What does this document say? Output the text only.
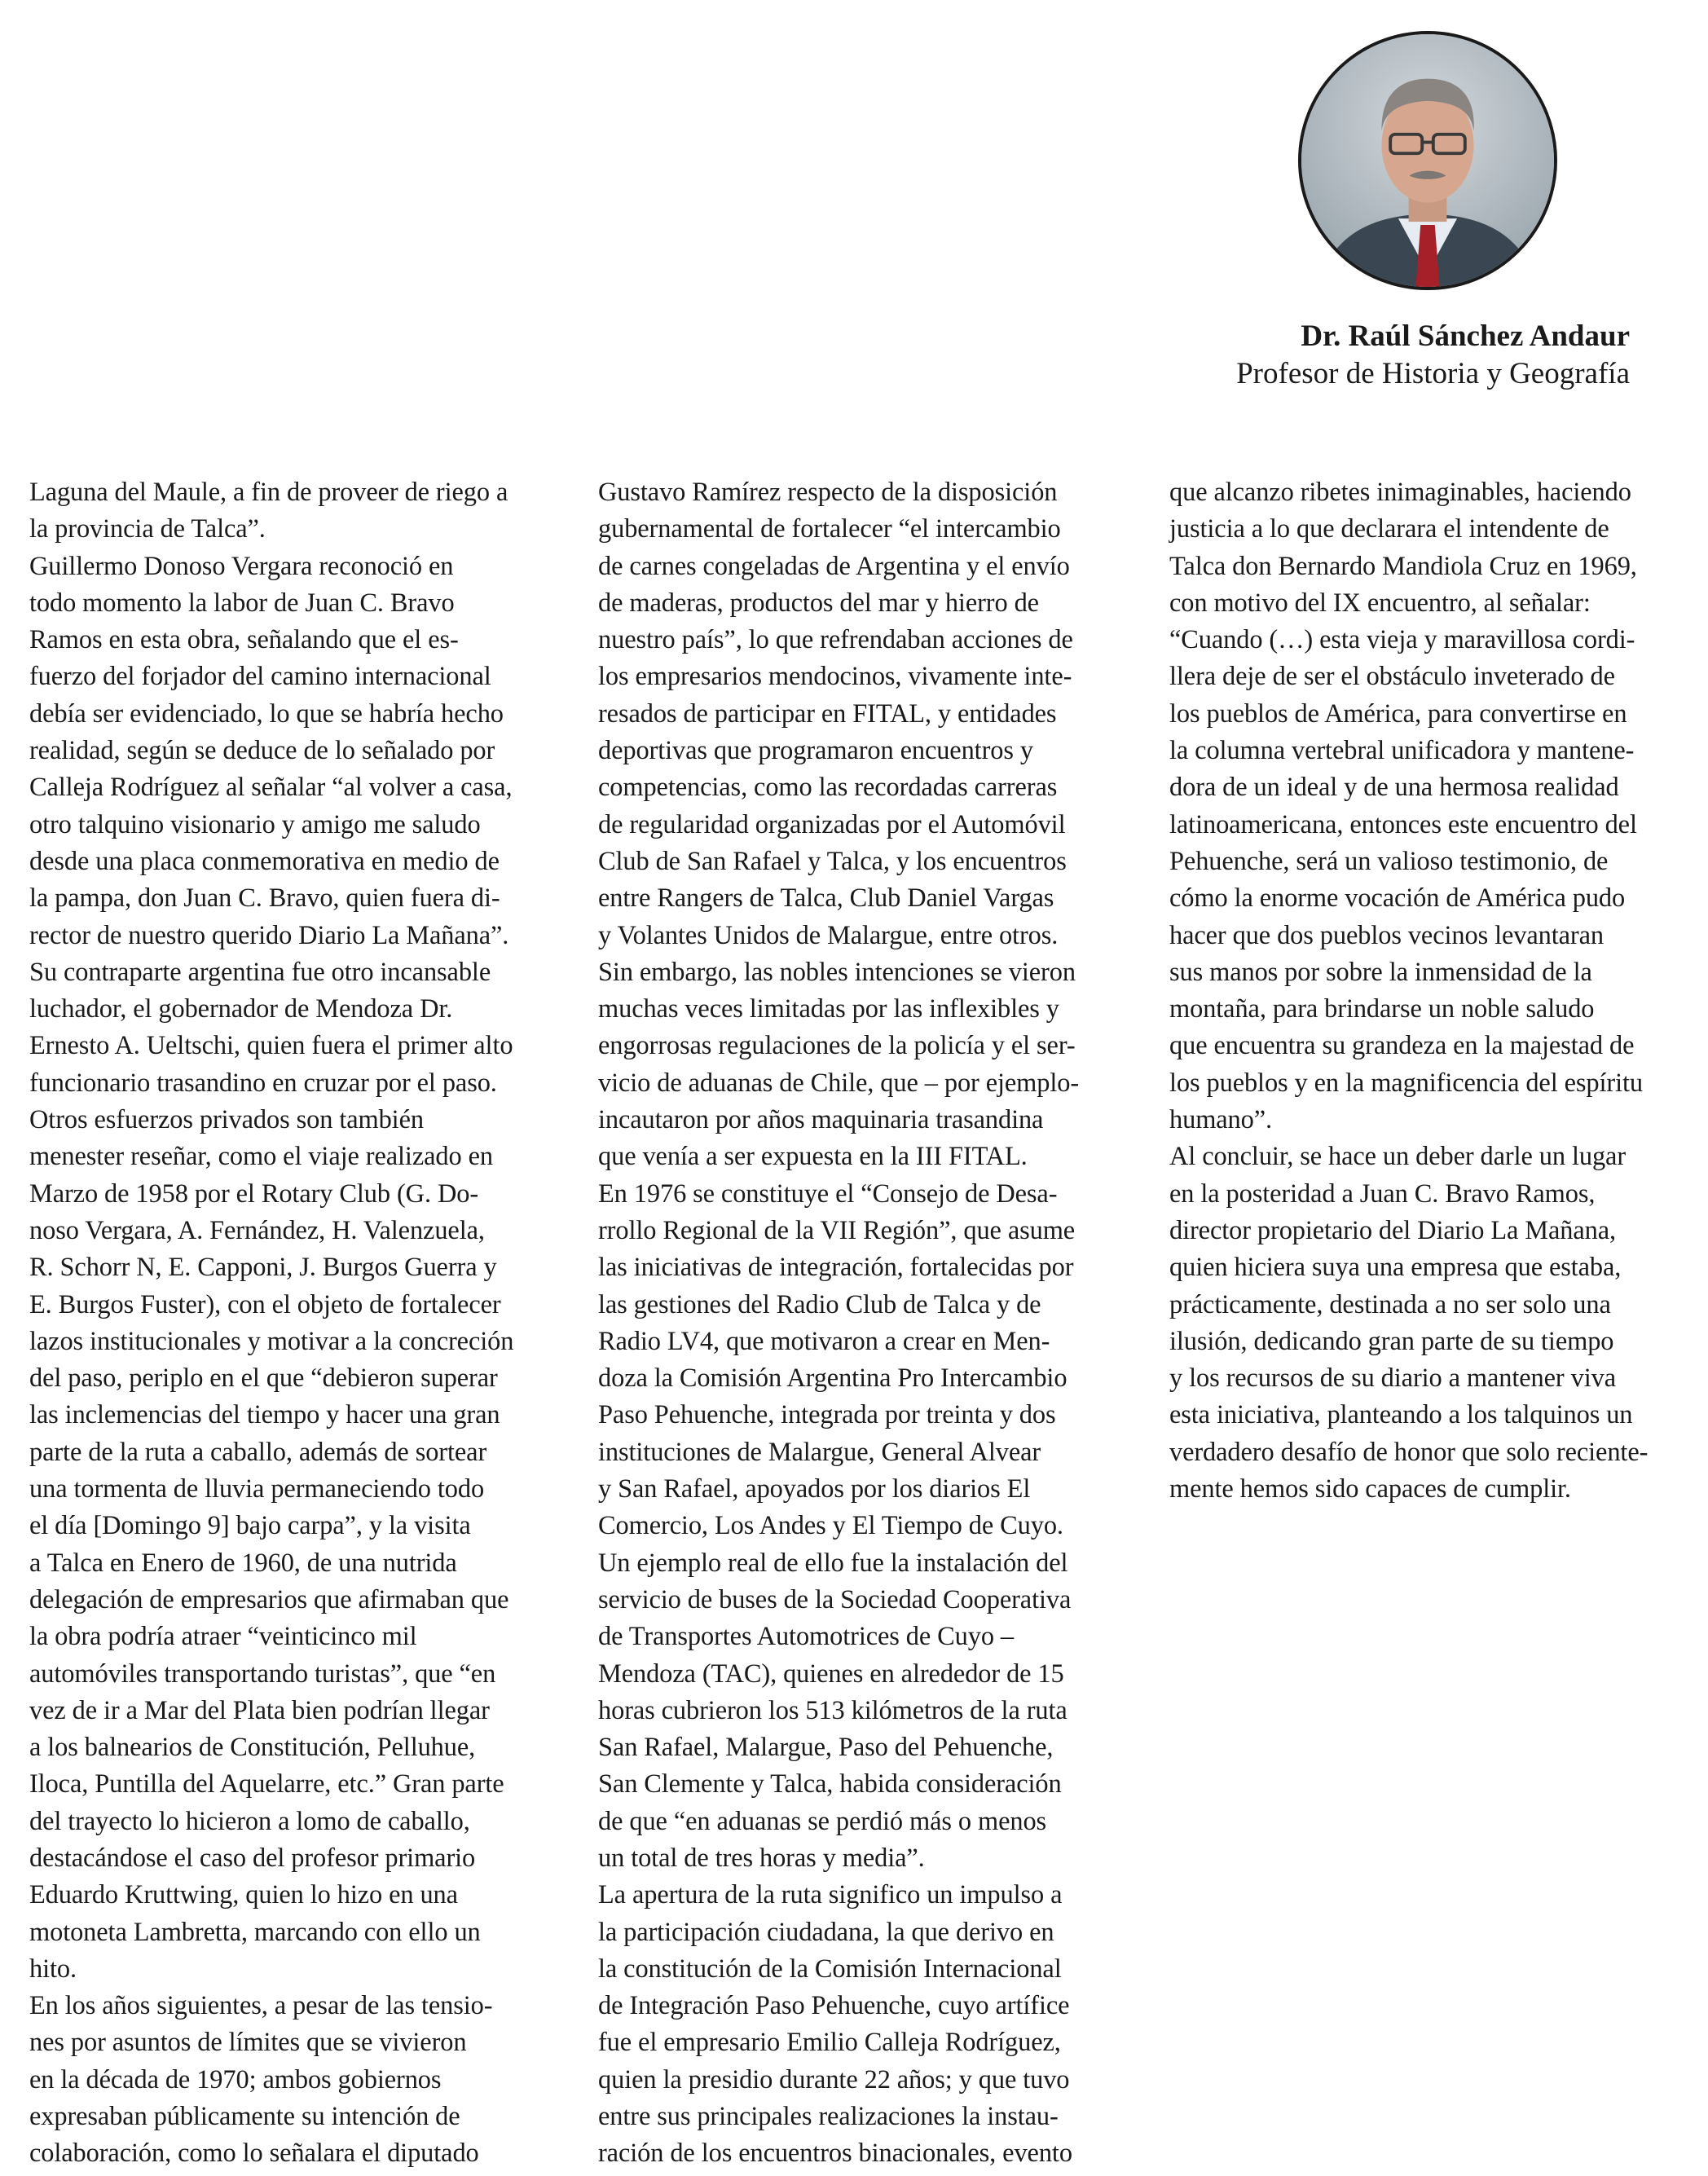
Dr. Raúl Sánchez Andaur
Profesor de Historia y Geografía
Laguna del Maule, a fin de proveer de riego a
la provincia de Talca”.
Guillermo Donoso Vergara reconoció en
todo momento la labor de Juan C. Bravo
Ramos en esta obra, señalando que el es-
fuerzo del forjador del camino internacional
debía ser evidenciado, lo que se habría hecho
realidad, según se deduce de lo señalado por
Calleja Rodríguez al señalar “al volver a casa,
otro talquino visionario y amigo me saludo
desde una placa conmemorativa en medio de
la pampa, don Juan C. Bravo, quien fuera di-
rector de nuestro querido Diario La Mañana”.
Su contraparte argentina fue otro incansable
luchador, el gobernador de Mendoza Dr.
Ernesto A. Ueltschi, quien fuera el primer alto
funcionario trasandino en cruzar por el paso.
Otros esfuerzos privados son también
menester reseñar, como el viaje realizado en
Marzo de 1958 por el Rotary Club (G. Do-
noso Vergara, A. Fernández, H. Valenzuela,
R. Schorr N, E. Capponi, J. Burgos Guerra y
E. Burgos Fuster), con el objeto de fortalecer
lazos institucionales y motivar a la concreción
del paso, periplo en el que “debieron superar
las inclemencias del tiempo y hacer una gran
parte de la ruta a caballo, además de sortear
una tormenta de lluvia permaneciendo todo
el día [Domingo 9] bajo carpa”, y la visita
a Talca en Enero de 1960, de una nutrida
delegación de empresarios que afirmaban que
la obra podría atraer “veinticinco mil
automóviles transportando turistas”, que “en
vez de ir a Mar del Plata bien podrían llegar
a los balnearios de Constitución, Pelluhue,
Iloca, Puntilla del Aquelarre, etc.” Gran parte
del trayecto lo hicieron a lomo de caballo,
destacándose el caso del profesor primario
Eduardo Kruttwing, quien lo hizo en una
motoneta Lambretta, marcando con ello un
hito.
En los años siguientes, a pesar de las tensio-
nes por asuntos de límites que se vivieron
en la década de 1970; ambos gobiernos
expresaban públicamente su intención de
colaboración, como lo señalara el diputado
Gustavo Ramírez respecto de la disposición
gubernamental de fortalecer “el intercambio
de carnes congeladas de Argentina y el envío
de maderas, productos del mar y hierro de
nuestro país”, lo que refrendaban acciones de
los empresarios mendocinos, vivamente inte-
resados de participar en FITAL, y entidades
deportivas que programaron encuentros y
competencias, como las recordadas carreras
de regularidad organizadas por el Automóvil
Club de San Rafael y Talca, y los encuentros
entre Rangers de Talca, Club Daniel Vargas
y Volantes Unidos de Malargue, entre otros.
Sin embargo, las nobles intenciones se vieron
muchas veces limitadas por las inflexibles y
engorrosas regulaciones de la policía y el ser-
vicio de aduanas de Chile, que – por ejemplo-
incautaron por años maquinaria trasandina
que venía a ser expuesta en la III FITAL.
En 1976 se constituye el “Consejo de Desa-
rrollo Regional de la VII Región”, que asume
las iniciativas de integración, fortalecidas por
las gestiones del Radio Club de Talca y de
Radio LV4, que motivaron a crear en Men-
doza la Comisión Argentina Pro Intercambio
Paso Pehuenche, integrada por treinta y dos
instituciones de Malargue, General Alvear
y San Rafael, apoyados por los diarios El
Comercio, Los Andes y El Tiempo de Cuyo.
Un ejemplo real de ello fue la instalación del
servicio de buses de la Sociedad Cooperativa
de Transportes Automotrices de Cuyo –
Mendoza (TAC), quienes en alrededor de 15
horas cubrieron los 513 kilómetros de la ruta
San Rafael, Malargue, Paso del Pehuenche,
San Clemente y Talca, habida consideración
de que “en aduanas se perdió más o menos
un total de tres horas y media”.
La apertura de la ruta significo un impulso a
la participación ciudadana, la que derivo en
la constitución de la Comisión Internacional
de Integración Paso Pehuenche, cuyo artífice
fue el empresario Emilio Calleja Rodríguez,
quien la presidio durante 22 años; y que tuvo
entre sus principales realizaciones la instau-
ración de los encuentros binacionales, evento
que alcanzo ribetes inimaginables, haciendo
justicia a lo que declarara el intendente de
Talca don Bernardo Mandiola Cruz en 1969,
con motivo del IX encuentro, al señalar:
“Cuando (…) esta vieja y maravillosa cordi-
llera deje de ser el obstáculo inveterado de
los pueblos de América, para convertirse en
la columna vertebral unificadora y mantene-
dora de un ideal y de una hermosa realidad
latinoamericana, entonces este encuentro del
Pehuenche, será un valioso testimonio, de
cómo la enorme vocación de América pudo
hacer que dos pueblos vecinos levantaran
sus manos por sobre la inmensidad de la
montaña, para brindarse un noble saludo
que encuentra su grandeza en la majestad de
los pueblos y en la magnificencia del espíritu
humano”.
Al concluir, se hace un deber darle un lugar
en la posteridad a Juan C. Bravo Ramos,
director propietario del Diario La Mañana,
quien hiciera suya una empresa que estaba,
prácticamente, destinada a no ser solo una
ilusión, dedicando gran parte de su tiempo
y los recursos de su diario a mantener viva
esta iniciativa, planteando a los talquinos un
verdadero desafío de honor que solo reciente-
mente hemos sido capaces de cumplir.
